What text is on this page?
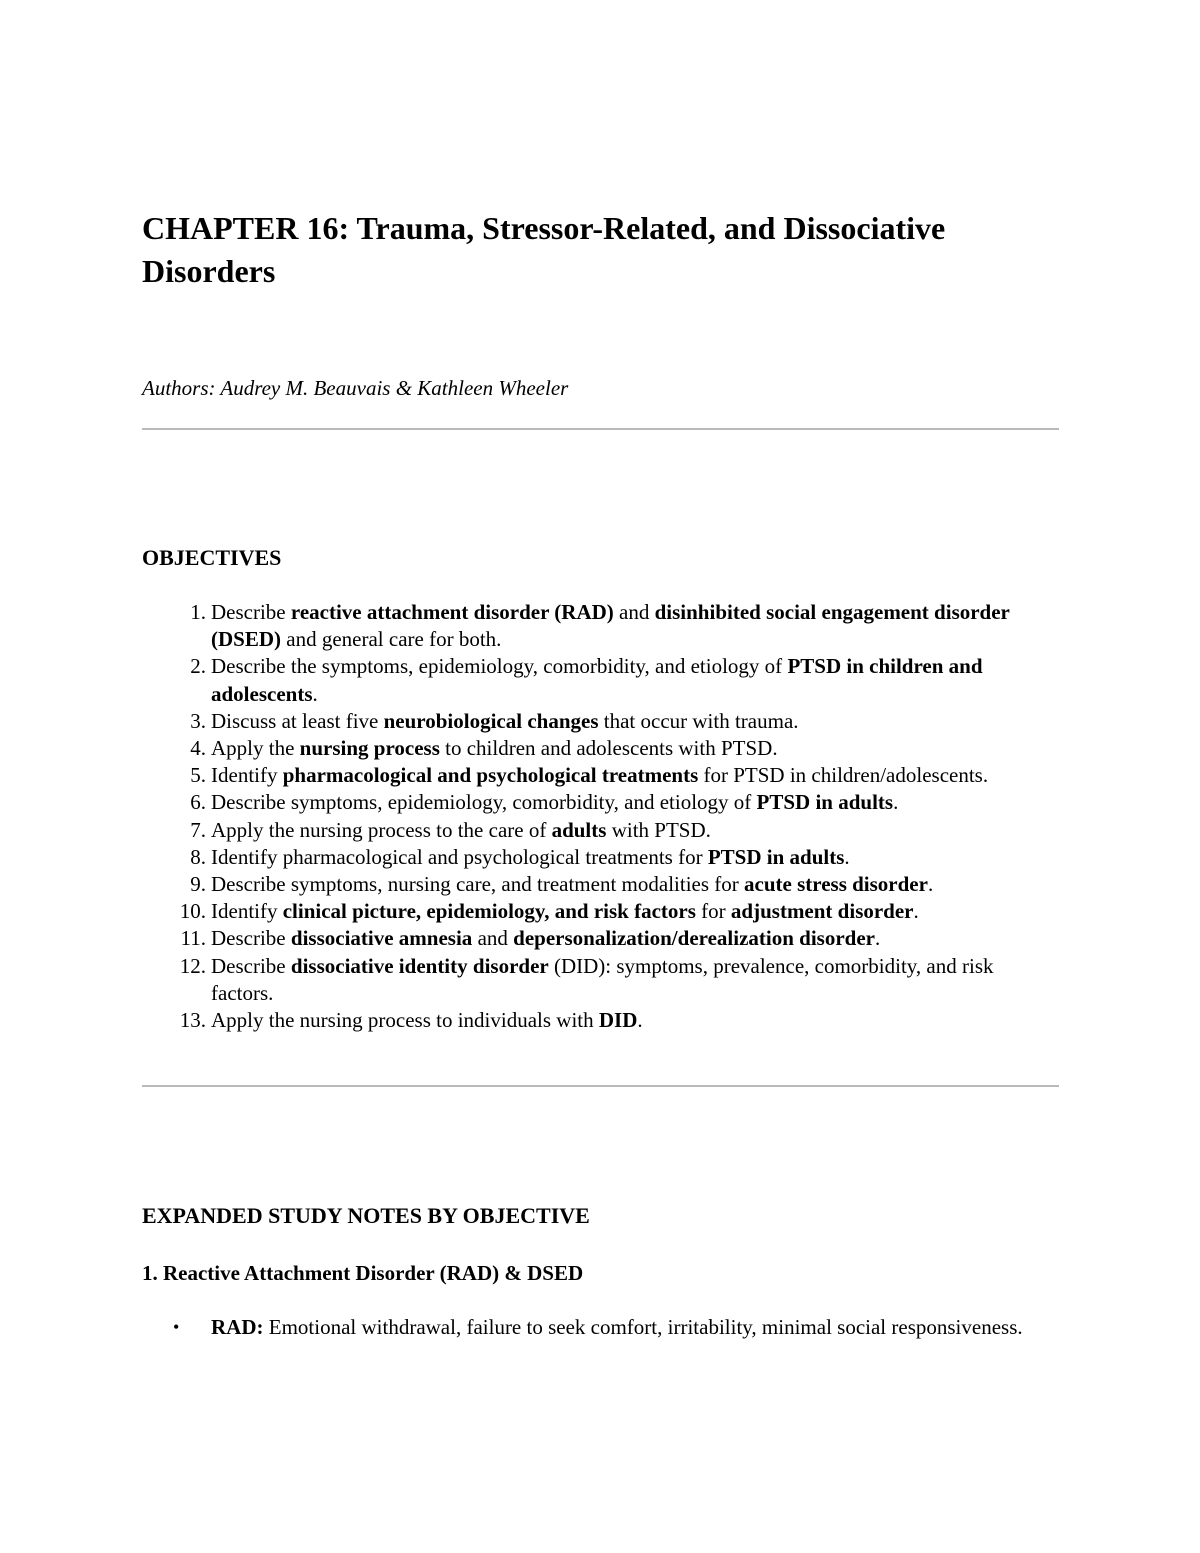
CHAPTER 16: Trauma, Stressor-Related, and Dissociative Disorders

Authors: Audrey M. Beauvais & Kathleen Wheeler

OBJECTIVES
1. Describe reactive attachment disorder (RAD) and disinhibited social engagement disorder (DSED) and general care for both.
2. Describe the symptoms, epidemiology, comorbidity, and etiology of PTSD in children and adolescents.
3. Discuss at least five neurobiological changes that occur with trauma.
4. Apply the nursing process to children and adolescents with PTSD.
5. Identify pharmacological and psychological treatments for PTSD in children/adolescents.
6. Describe symptoms, epidemiology, comorbidity, and etiology of PTSD in adults.
7. Apply the nursing process to the care of adults with PTSD.
8. Identify pharmacological and psychological treatments for PTSD in adults.
9. Describe symptoms, nursing care, and treatment modalities for acute stress disorder.
10. Identify clinical picture, epidemiology, and risk factors for adjustment disorder.
11. Describe dissociative amnesia and depersonalization/derealization disorder.
12. Describe dissociative identity disorder (DID): symptoms, prevalence, comorbidity, and risk factors.
13. Apply the nursing process to individuals with DID.
EXPANDED STUDY NOTES BY OBJECTIVE
1. Reactive Attachment Disorder (RAD) & DSED
• RAD: Emotional withdrawal, failure to seek comfort, irritability, minimal social responsiveness.
